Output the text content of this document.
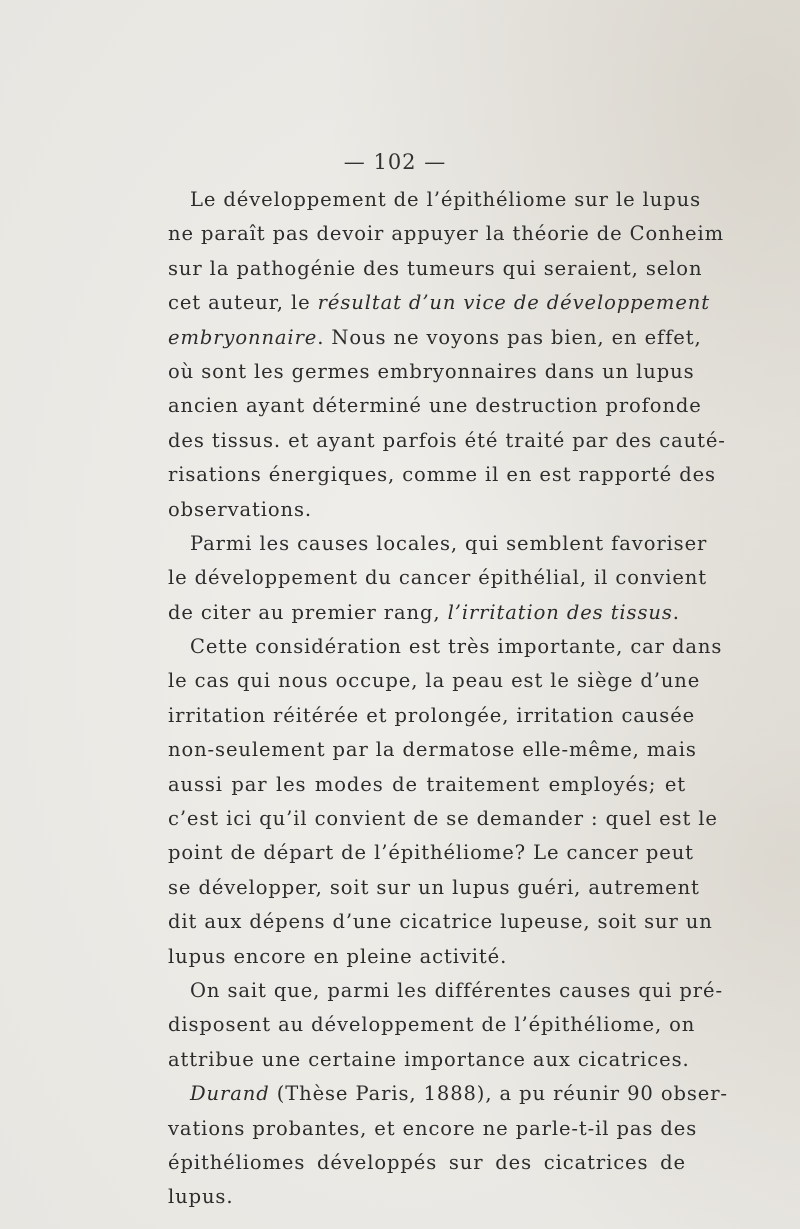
— 102 —
Le développement de l’épithéliome sur le lupus
ne paraît pas devoir appuyer la théorie de Conheim
sur la pathogénie des tumeurs qui seraient, selon
cet auteur, le résultat d’un vice de développement
embryonnaire. Nous ne voyons pas bien, en effet,
où sont les germes embryonnaires dans un lupus
ancien ayant déterminé une destruction profonde
des tissus. et ayant parfois été traité par des cauté-
risations énergiques, comme il en est rapporté des
observations.
Parmi les causes locales, qui semblent favoriser
le développement du cancer épithélial, il convient
de citer au premier rang, l’irritation des tissus.
Cette considération est très importante, car dans
le cas qui nous occupe, la peau est le siège d’une
irritation réitérée et prolongée, irritation causée
non-seulement par la dermatose elle-même, mais
aussi par les modes de traitement employés; et
c’est ici qu’il convient de se demander : quel est le
point de départ de l’épithéliome? Le cancer peut
se développer, soit sur un lupus guéri, autrement
dit aux dépens d’une cicatrice lupeuse, soit sur un
lupus encore en pleine activité.
On sait que, parmi les différentes causes qui pré-
disposent au développement de l’épithéliome, on
attribue une certaine importance aux cicatrices.
Durand (Thèse Paris, 1888), a pu réunir 90 obser-
vations probantes, et encore ne parle-t-il pas des
épithéliomes développés sur des cicatrices de
lupus.
